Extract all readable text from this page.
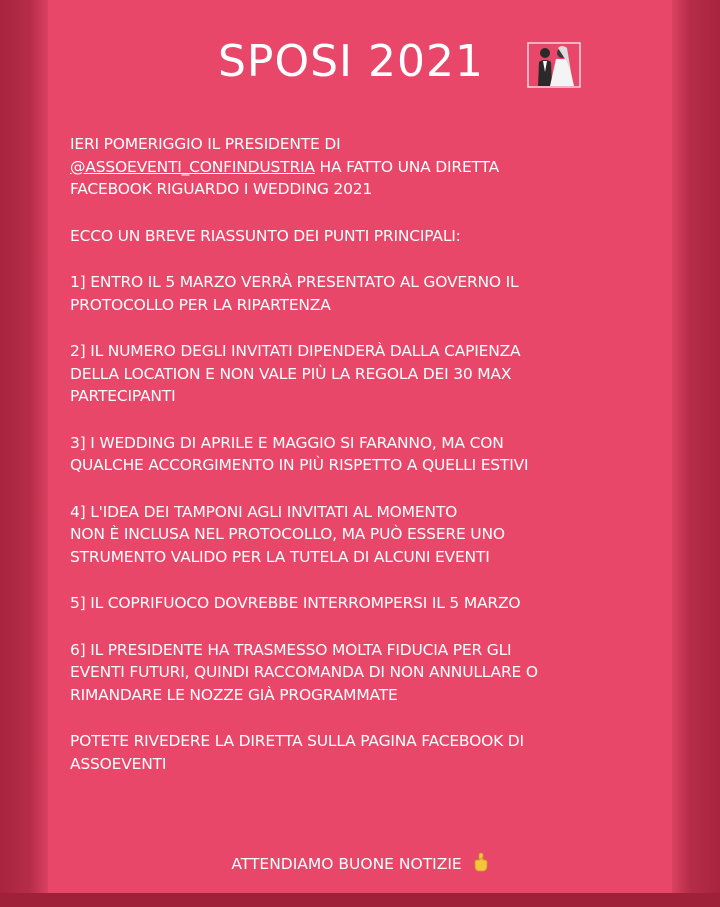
SPOSI 2021

IERI POMERIGGIO IL PRESIDENTE DI
@ASSOEVENTI_CONFINDUSTRIA HA FATTO UNA DIRETTA
FACEBOOK RIGUARDO I WEDDING 2021

ECCO UN BREVE RIASSUNTO DEI PUNTI PRINCIPALI:

1] ENTRO IL 5 MARZO VERRÀ PRESENTATO AL GOVERNO IL
PROTOCOLLO PER LA RIPARTENZA

2] IL NUMERO DEGLI INVITATI DIPENDERÀ DALLA CAPIENZA
DELLA LOCATION E NON VALE PIÙ LA REGOLA DEI 30 MAX
PARTECIPANTI

3] I WEDDING DI APRILE E MAGGIO SI FARANNO, MA CON
QUALCHE ACCORGIMENTO IN PIÙ RISPETTO A QUELLI ESTIVI

4] L'IDEA DEI TAMPONI AGLI INVITATI AL MOMENTO
NON È INCLUSA NEL PROTOCOLLO, MA PUÒ ESSERE UNO
STRUMENTO VALIDO PER LA TUTELA DI ALCUNI EVENTI

5] IL COPRIFUOCO DOVREBBE INTERROMPERSI IL 5 MARZO

6] IL PRESIDENTE HA TRASMESSO MOLTA FIDUCIA PER GLI
EVENTI FUTURI, QUINDI RACCOMANDA DI NON ANNULLARE O
RIMANDARE LE NOZZE GIÀ PROGRAMMATE

POTETE RIVEDERE LA DIRETTA SULLA PAGINA FACEBOOK DI
ASSOEVENTI

ATTENDIAMO BUONE NOTIZIE
